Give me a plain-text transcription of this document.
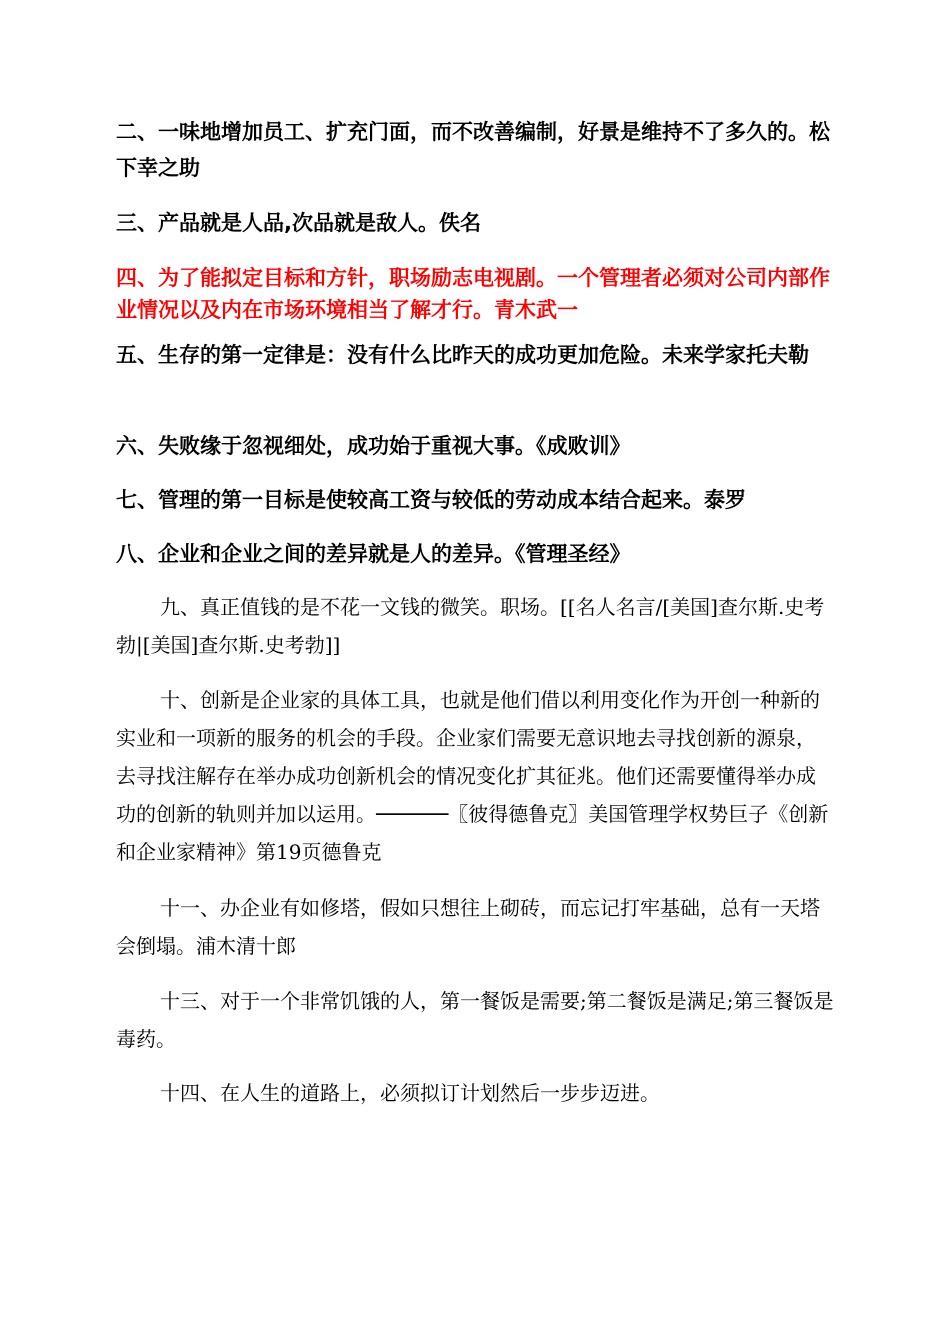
二、一味地增加员工、扩充门面，而不改善编制，好景是维持不了多久的。松下幸之助

三、产品就是人品,次品就是敌人。佚名

四、为了能拟定目标和方针，职场励志电视剧。一个管理者必须对公司内部作业情况以及内在市场环境相当了解才行。青木武一

五、生存的第一定律是：没有什么比昨天的成功更加危险。未来学家托夫勒

六、失败缘于忽视细处，成功始于重视大事。《成败训》

七、管理的第一目标是使较高工资与较低的劳动成本结合起来。泰罗

八、企业和企业之间的差异就是人的差异。《管理圣经》

九、真正值钱的是不花一文钱的微笑。职场。[[名人名言/[美国]查尔斯.史考勃|[美国]查尔斯.史考勃]]

十、创新是企业家的具体工具，也就是他们借以利用变化作为开创一种新的实业和一项新的服务的机会的手段。企业家们需要无意识地去寻找创新的源泉，去寻找注解存在举办成功创新机会的情况变化扩其征兆。他们还需要懂得举办成功的创新的轨则并加以运用。──────〖彼得德鲁克〗美国管理学权势巨子《创新和企业家精神》第19页德鲁克

十一、办企业有如修塔，假如只想往上砌砖，而忘记打牢基础，总有一天塔会倒塌。浦木清十郎

十三、对于一个非常饥饿的人，第一餐饭是需要;第二餐饭是满足;第三餐饭是毒药。

十四、在人生的道路上，必须拟订计划然后一步步迈进。
